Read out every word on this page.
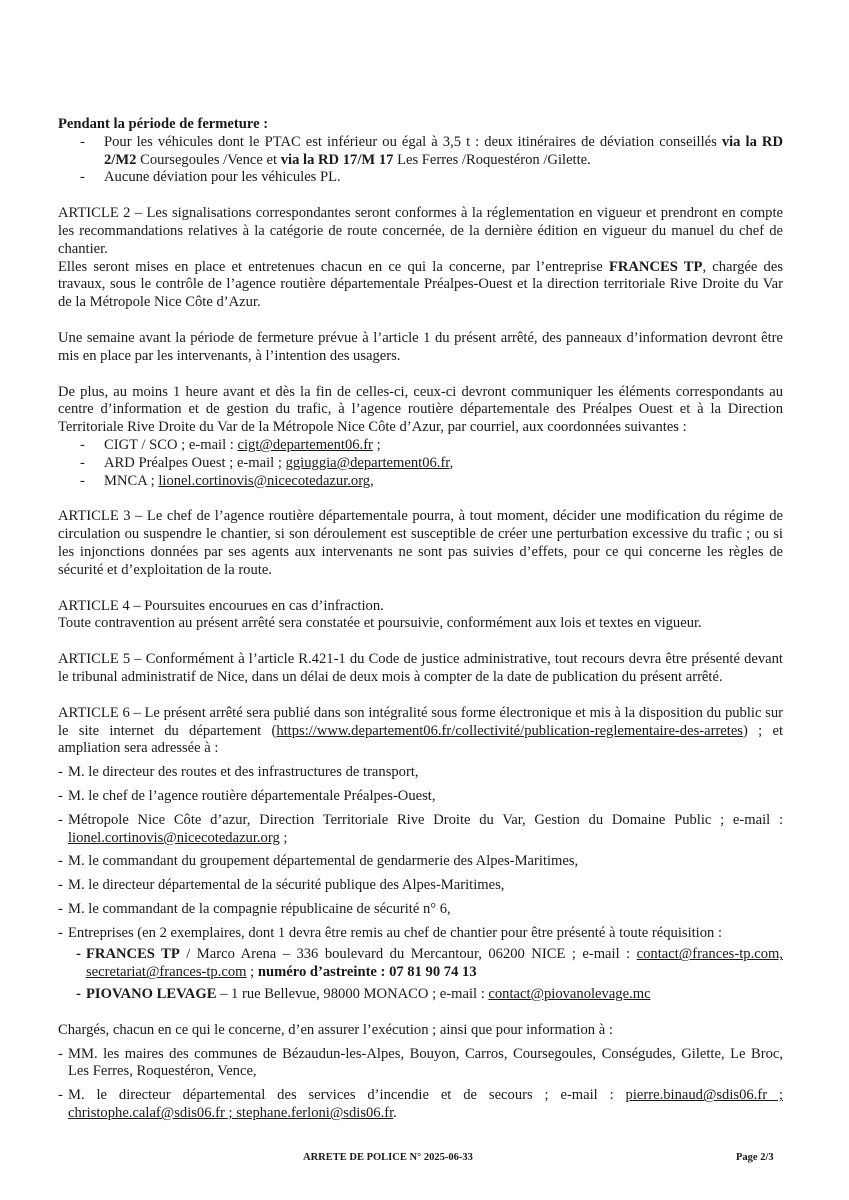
Pendant la période de fermeture :

- Pour les véhicules dont le PTAC est inférieur ou égal à 3,5 t : deux itinéraires de déviation conseillés via la RD 2/M2 Coursegoules /Vence et via la RD 17/M 17 Les Ferres /Roquestéron /Gilette.
- Aucune déviation pour les véhicules PL.

ARTICLE 2 – Les signalisations correspondantes seront conformes à la réglementation en vigueur et prendront en compte les recommandations relatives à la catégorie de route concernée, de la dernière édition en vigueur du manuel du chef de chantier.

Elles seront mises en place et entretenues chacun en ce qui la concerne, par l’entreprise FRANCES TP, chargée des travaux, sous le contrôle de l’agence routière départementale Préalpes-Ouest et la direction territoriale Rive Droite du Var de la Métropole Nice Côte d’Azur.

Une semaine avant la période de fermeture prévue à l’article 1 du présent arrêté, des panneaux d’information devront être mis en place par les intervenants, à l’intention des usagers.

De plus, au moins 1 heure avant et dès la fin de celles-ci, ceux-ci devront communiquer les éléments correspondants au centre d’information et de gestion du trafic, à l’agence routière départementale des Préalpes Ouest et à la Direction Territoriale Rive Droite du Var de la Métropole Nice Côte d’Azur, par courriel, aux coordonnées suivantes :

- CIGT / SCO ; e-mail : cigt@departement06.fr ;
- ARD Préalpes Ouest ; e-mail ; ggiuggia@departement06.fr,
- MNCA ; lionel.cortinovis@nicecotedazur.org,

ARTICLE 3 – Le chef de l’agence routière départementale pourra, à tout moment, décider une modification du régime de circulation ou suspendre le chantier, si son déroulement est susceptible de créer une perturbation excessive du trafic ; ou si les injonctions données par ses agents aux intervenants ne sont pas suivies d’effets, pour ce qui concerne les règles de sécurité et d’exploitation de la route.

ARTICLE 4 – Poursuites encourues en cas d’infraction.

Toute contravention au présent arrêté sera constatée et poursuivie, conformément aux lois et textes en vigueur.

ARTICLE 5 – Conformément à l’article R.421-1 du Code de justice administrative, tout recours devra être présenté devant le tribunal administratif de Nice, dans un délai de deux mois à compter de la date de publication du présent arrêté.

ARTICLE 6 – Le présent arrêté sera publié dans son intégralité sous forme électronique et mis à la disposition du public sur le site internet du département (https://www.departement06.fr/collectivité/publication-reglementaire-des-arretes) ; et ampliation sera adressée à :

- M. le directeur des routes et des infrastructures de transport,
- M. le chef de l’agence routière départementale Préalpes-Ouest,
- Métropole Nice Côte d’azur, Direction Territoriale Rive Droite du Var, Gestion du Domaine Public ; e-mail : lionel.cortinovis@nicecotedazur.org ;
- M. le commandant du groupement départemental de gendarmerie des Alpes-Maritimes,
- M. le directeur départemental de la sécurité publique des Alpes-Maritimes,
- M. le commandant de la compagnie républicaine de sécurité n° 6,
- Entreprises (en 2 exemplaires, dont 1 devra être remis au chef de chantier pour être présenté à toute réquisition :
- FRANCES TP / Marco Arena – 336 boulevard du Mercantour, 06200 NICE ; e-mail : contact@frances-tp.com, secretariat@frances-tp.com ; numéro d’astreinte : 07 81 90 74 13
- PIOVANO LEVAGE – 1 rue Bellevue, 98000 MONACO ; e-mail : contact@piovanolevage.mc

Chargés, chacun en ce qui le concerne, d’en assurer l’exécution ; ainsi que pour information à :

- MM. les maires des communes de Bézaudun-les-Alpes, Bouyon, Carros, Coursegoules, Conségudes, Gilette, Le Broc, Les Ferres, Roquestéron, Vence,
- M. le directeur départemental des services d’incendie et de secours ; e-mail : pierre.binaud@sdis06.fr ; christophe.calaf@sdis06.fr ; stephane.ferloni@sdis06.fr.
ARRETE DE POLICE N° 2025-06-33	Page 2/3
